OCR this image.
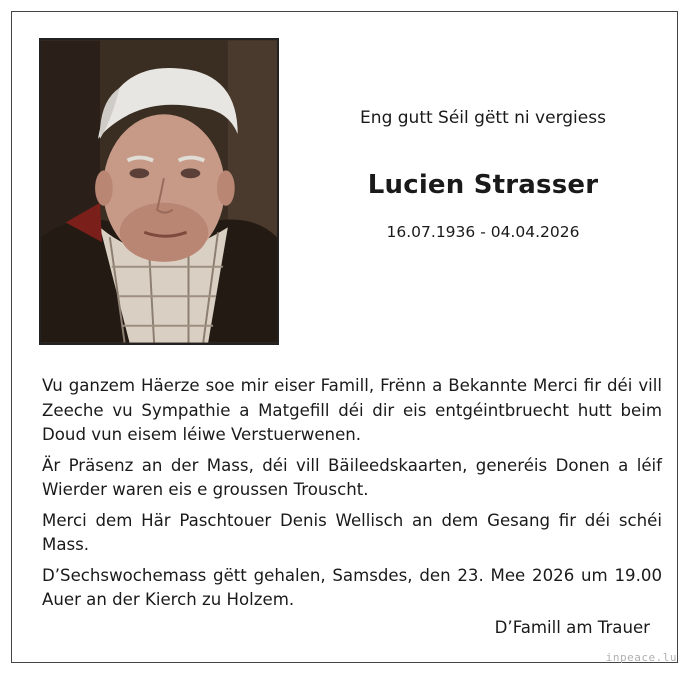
Eng gutt Séil gëtt ni vergiess
Lucien Strasser
16.07.1936 - 04.04.2026

Vu ganzem Häerze soe mir eiser Famill, Frënn a Bekannte Merci fir déi vill Zeeche vu Sympathie a Matgefill déi dir eis entgéintbruecht hutt beim Doud vun eisem léiwe Verstuerwenen.

Är Präsenz an der Mass, déi vill Bäileedskaarten, generéis Donen a léif Wierder waren eis e groussen Trouscht.

Merci dem Här Paschtouer Denis Wellisch an dem Gesang fir déi schéi Mass.

D’Sechswochemass gëtt gehalen, Samsdes, den 23. Mee 2026 um 19.00 Auer an der Kierch zu Holzem.

D’Famill am Trauer
inpeace.lu
